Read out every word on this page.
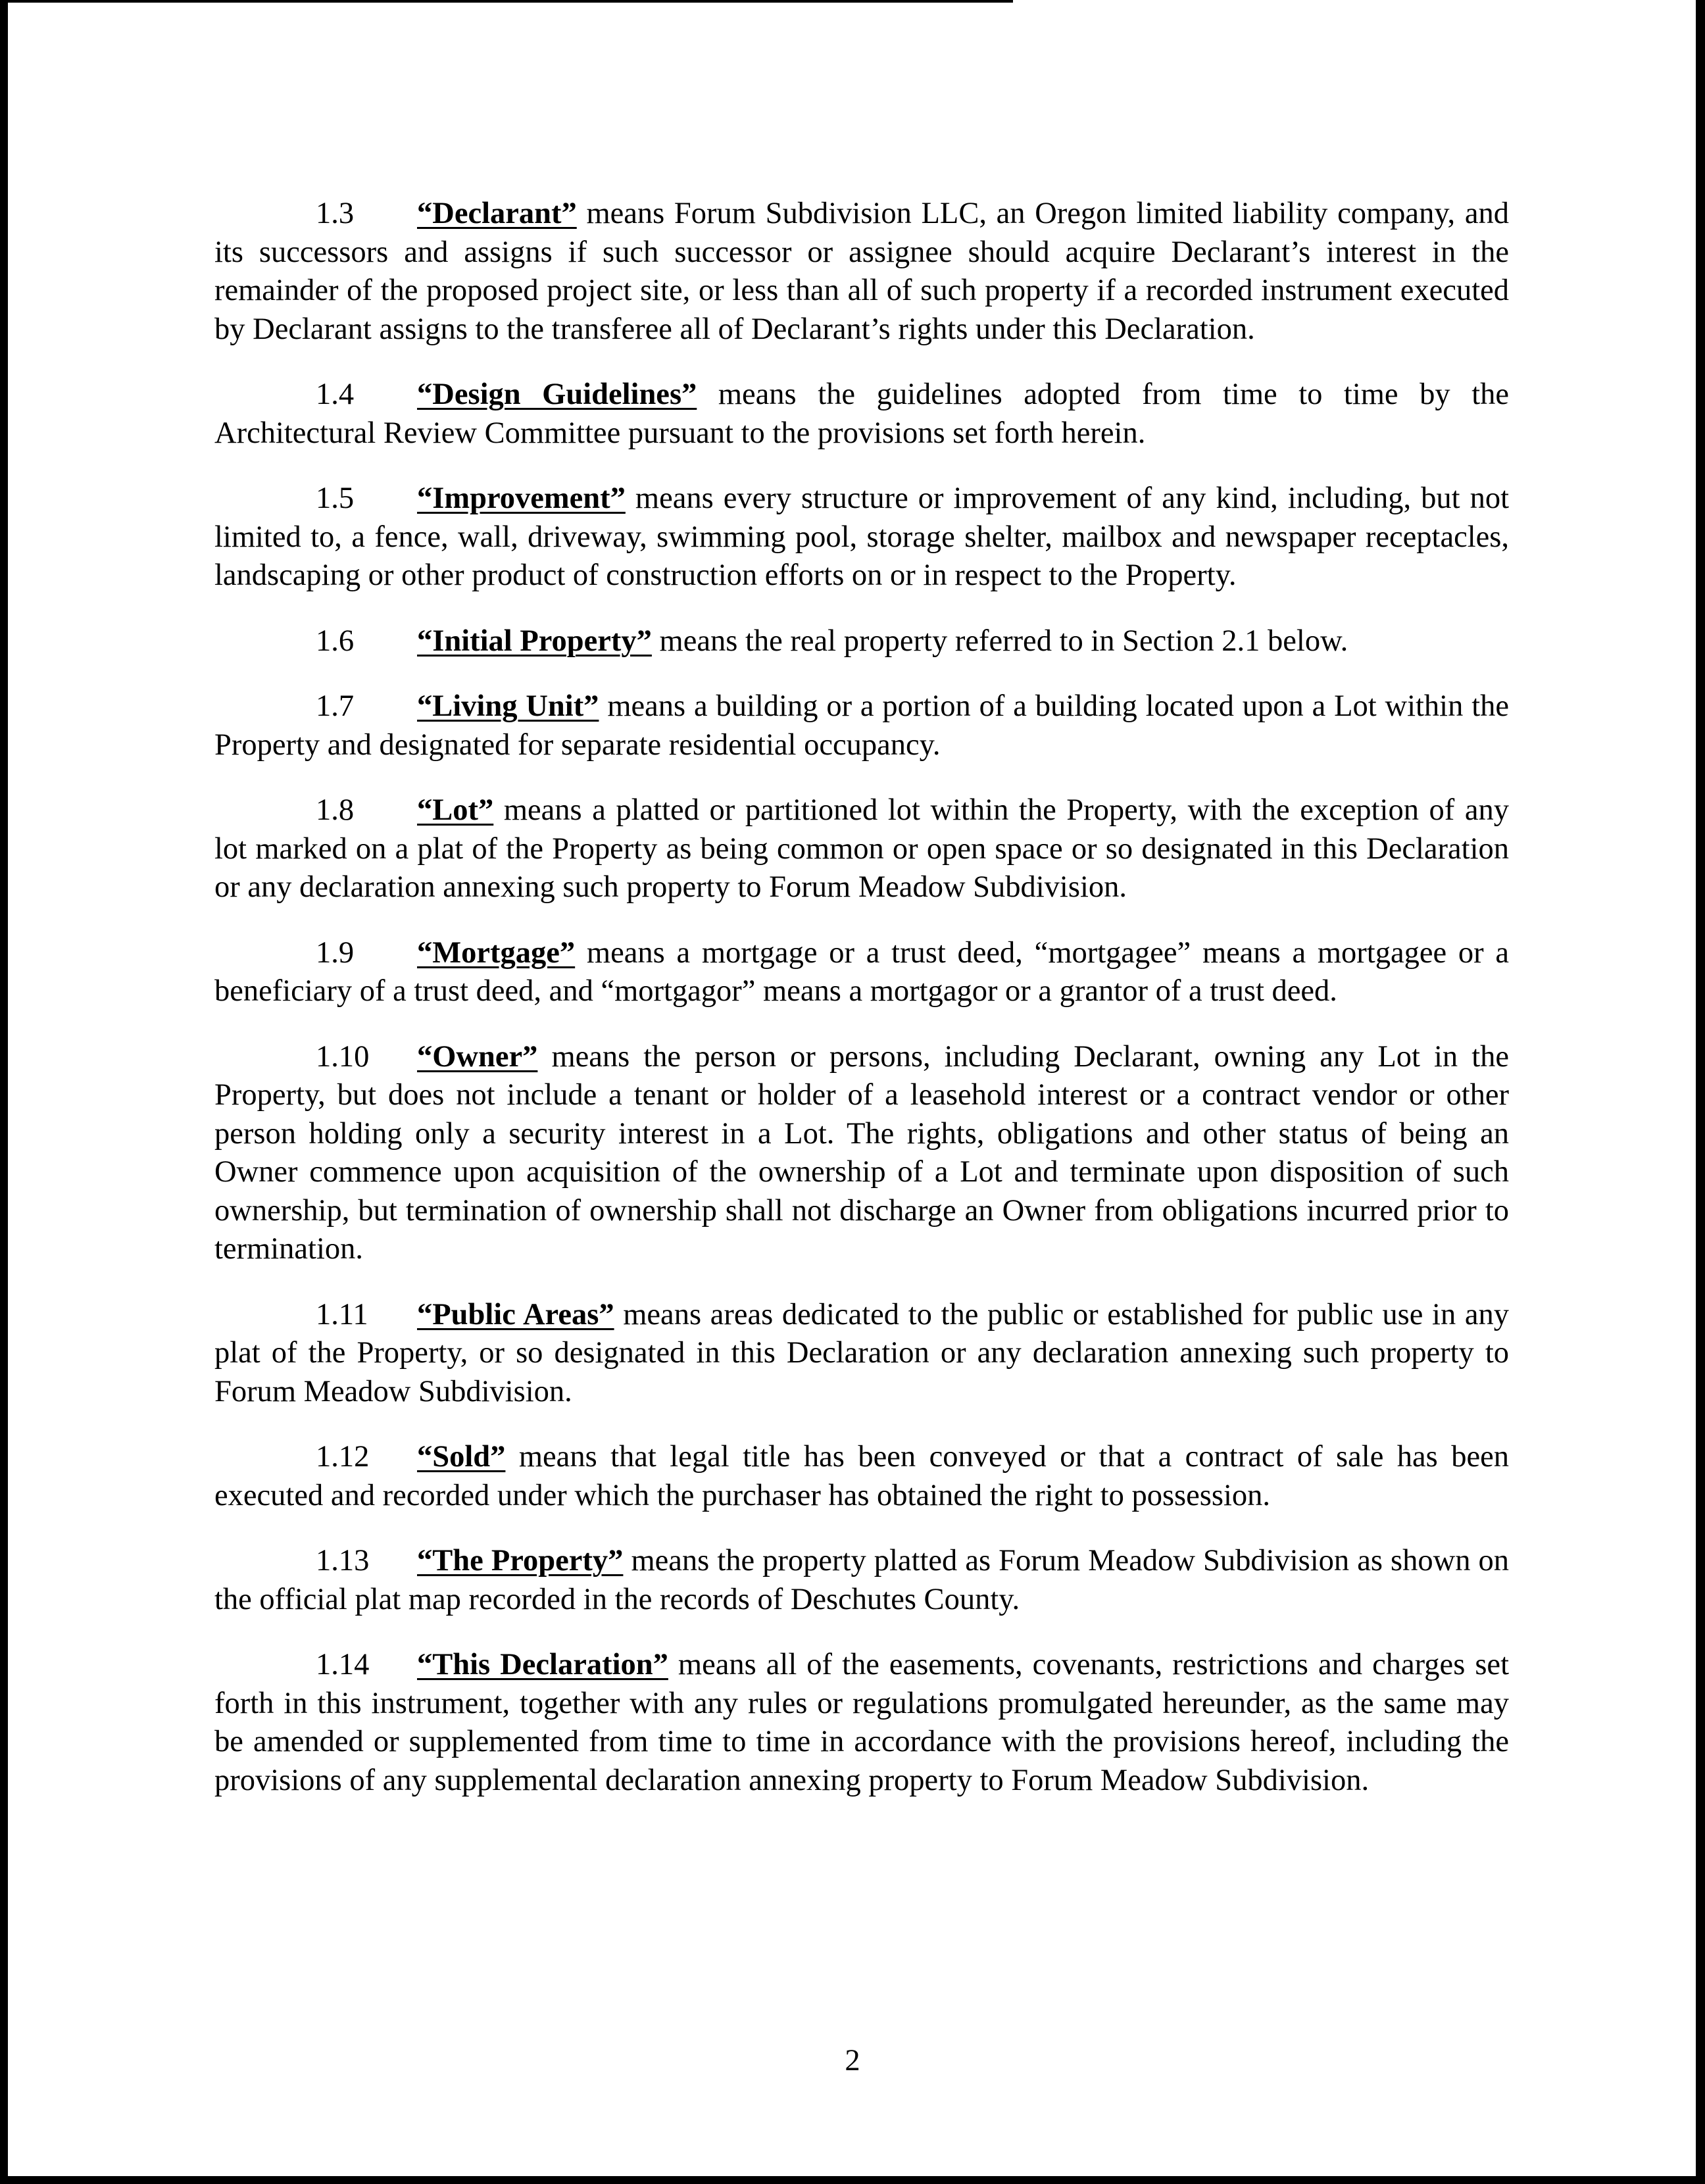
1.3 “Declarant” means Forum Subdivision LLC, an Oregon limited liability company, and its successors and assigns if such successor or assignee should acquire Declarant’s interest in the remainder of the proposed project site, or less than all of such property if a recorded instrument executed by Declarant assigns to the transferee all of Declarant’s rights under this Declaration.

1.4 “Design Guidelines” means the guidelines adopted from time to time by the Architectural Review Committee pursuant to the provisions set forth herein.

1.5 “Improvement” means every structure or improvement of any kind, including, but not limited to, a fence, wall, driveway, swimming pool, storage shelter, mailbox and newspaper receptacles, landscaping or other product of construction efforts on or in respect to the Property.

1.6 “Initial Property” means the real property referred to in Section 2.1 below.

1.7 “Living Unit” means a building or a portion of a building located upon a Lot within the Property and designated for separate residential occupancy.

1.8 “Lot” means a platted or partitioned lot within the Property, with the exception of any lot marked on a plat of the Property as being common or open space or so designated in this Declaration or any declaration annexing such property to Forum Meadow Subdivision.

1.9 “Mortgage” means a mortgage or a trust deed, “mortgagee” means a mortgagee or a beneficiary of a trust deed, and “mortgagor” means a mortgagor or a grantor of a trust deed.

1.10 “Owner” means the person or persons, including Declarant, owning any Lot in the Property, but does not include a tenant or holder of a leasehold interest or a contract vendor or other person holding only a security interest in a Lot. The rights, obligations and other status of being an Owner commence upon acquisition of the ownership of a Lot and terminate upon disposition of such ownership, but termination of ownership shall not discharge an Owner from obligations incurred prior to termination.

1.11 “Public Areas” means areas dedicated to the public or established for public use in any plat of the Property, or so designated in this Declaration or any declaration annexing such property to Forum Meadow Subdivision.

1.12 “Sold” means that legal title has been conveyed or that a contract of sale has been executed and recorded under which the purchaser has obtained the right to possession.

1.13 “The Property” means the property platted as Forum Meadow Subdivision as shown on the official plat map recorded in the records of Deschutes County.

1.14 “This Declaration” means all of the easements, covenants, restrictions and charges set forth in this instrument, together with any rules or regulations promulgated hereunder, as the same may be amended or supplemented from time to time in accordance with the provisions hereof, including the provisions of any supplemental declaration annexing property to Forum Meadow Subdivision.

2
